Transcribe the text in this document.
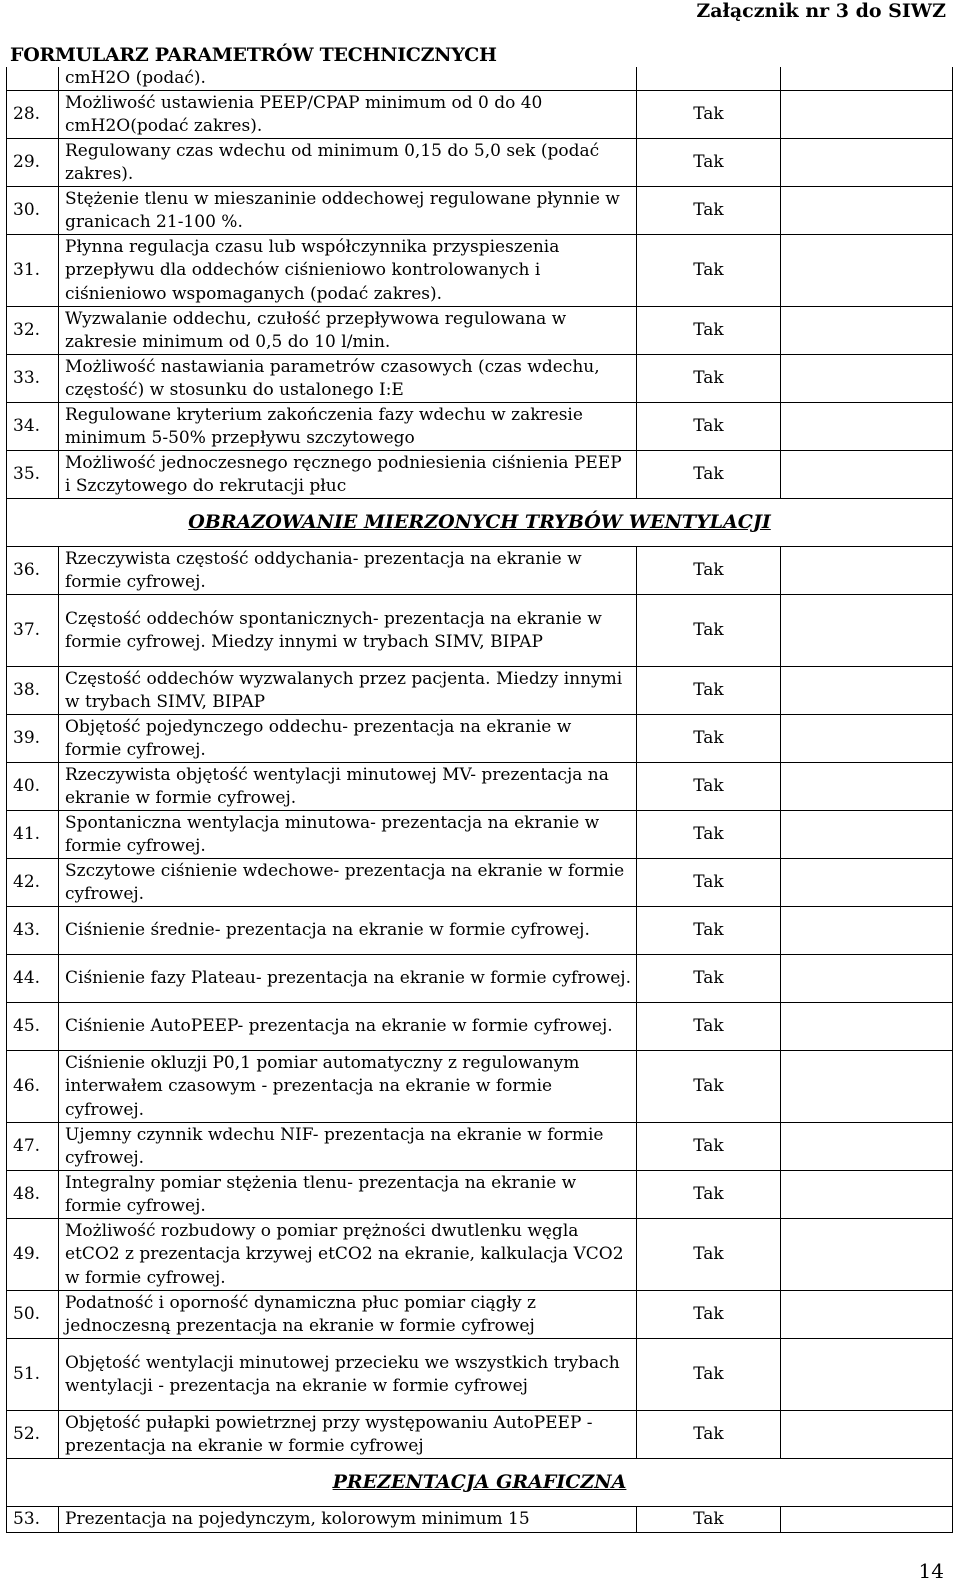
Załącznik nr 3 do SIWZ
FORMULARZ PARAMETRÓW TECHNICZNYCH
	cmH2O (podać).		
28.	Możliwość ustawienia PEEP/CPAP minimum od 0 do 40 cmH2O(podać zakres).	Tak	
29.	Regulowany czas wdechu od minimum 0,15 do 5,0 sek (podać zakres).	Tak	
30.	Stężenie tlenu w mieszaninie oddechowej regulowane płynnie w granicach 21-100 %.	Tak	
31.	Płynna regulacja czasu lub współczynnika przyspieszenia przepływu dla oddechów ciśnieniowo kontrolowanych i ciśnieniowo wspomaganych (podać zakres).	Tak	
32.	Wyzwalanie oddechu, czułość przepływowa regulowana w zakresie minimum od 0,5 do 10 l/min.	Tak	
33.	Możliwość nastawiania parametrów czasowych (czas wdechu, częstość) w stosunku do ustalonego I:E	Tak	
34.	Regulowane kryterium zakończenia fazy wdechu w zakresie minimum 5-50% przepływu szczytowego	Tak	
35.	Możliwość jednoczesnego ręcznego podniesienia ciśnienia PEEP i Szczytowego do rekrutacji płuc	Tak	
OBRAZOWANIE MIERZONYCH TRYBÓW WENTYLACJI			
36.	Rzeczywista częstość oddychania- prezentacja na ekranie w formie cyfrowej.	Tak	
37.	Częstość oddechów spontanicznych- prezentacja na ekranie w formie cyfrowej. Miedzy innymi w trybach SIMV, BIPAP	Tak	
38.	Częstość oddechów wyzwalanych przez pacjenta. Miedzy innymi w trybach SIMV, BIPAP	Tak	
39.	Objętość pojedynczego oddechu- prezentacja na ekranie w formie cyfrowej.	Tak	
40.	Rzeczywista objętość wentylacji minutowej MV- prezentacja na ekranie w formie cyfrowej.	Tak	
41.	Spontaniczna wentylacja minutowa- prezentacja na ekranie w formie cyfrowej.	Tak	
42.	Szczytowe ciśnienie wdechowe- prezentacja na ekranie w formie cyfrowej.	Tak	
43.	Ciśnienie średnie- prezentacja na ekranie w formie cyfrowej.	Tak	
44.	Ciśnienie fazy Plateau- prezentacja na ekranie w formie cyfrowej.	Tak	
45.	Ciśnienie AutoPEEP- prezentacja na ekranie w formie cyfrowej.	Tak	
46.	Ciśnienie okluzji P0,1 pomiar automatyczny z regulowanym interwałem czasowym - prezentacja na ekranie w formie cyfrowej.	Tak	
47.	Ujemny czynnik wdechu NIF- prezentacja na ekranie w formie cyfrowej.	Tak	
48.	Integralny pomiar stężenia tlenu- prezentacja na ekranie w formie cyfrowej.	Tak	
49.	Możliwość rozbudowy o pomiar prężności dwutlenku węgla etCO2 z prezentacja krzywej etCO2 na ekranie, kalkulacja VCO2 w formie cyfrowej.	Tak	
50.	Podatność i oporność dynamiczna płuc pomiar ciągły z jednoczesną prezentacja na ekranie w formie cyfrowej	Tak	
51.	Objętość wentylacji minutowej przecieku we wszystkich trybach wentylacji - prezentacja na ekranie w formie cyfrowej	Tak	
52.	Objętość pułapki powietrznej przy występowaniu AutoPEEP - prezentacja na ekranie w formie cyfrowej	Tak	
PREZENTACJA GRAFICZNA			
53.	Prezentacja na pojedynczym, kolorowym minimum 15	Tak	
14
